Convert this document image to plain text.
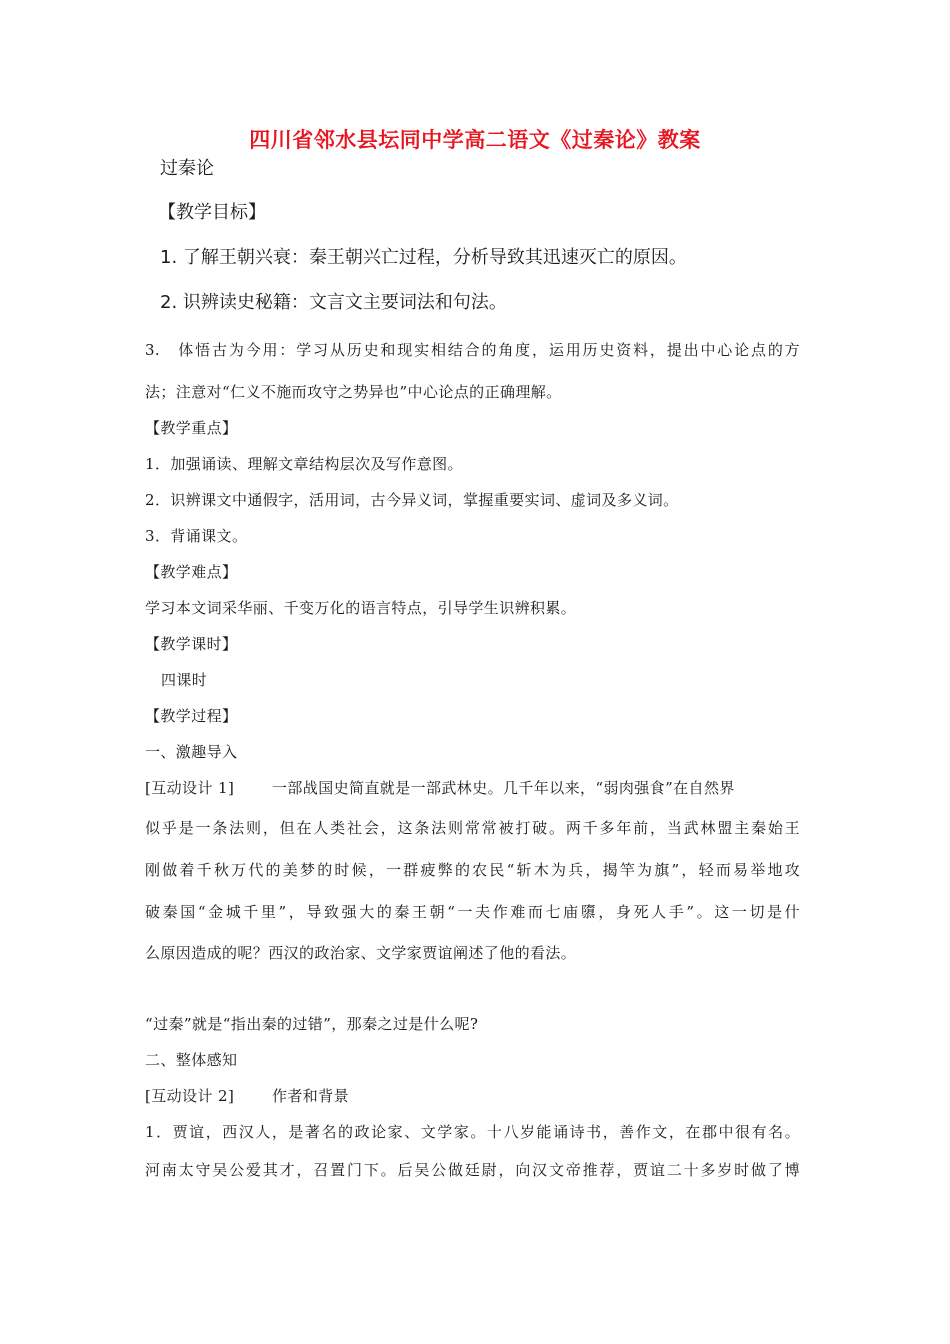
四川省邻水县坛同中学高二语文《过秦论》教案
过秦论
【教学目标】
1. 了解王朝兴衰：秦王朝兴亡过程，分析导致其迅速灭亡的原因。
2. 识辨读史秘籍：文言文主要词法和句法。
3.　体悟古为今用：学习从历史和现实相结合的角度，运用历史资料，提出中心论点的方
法；注意对“仁义不施而攻守之势异也”中心论点的正确理解。
【教学重点】
1．加强诵读、理解文章结构层次及写作意图。
2．识辨课文中通假字，活用词，古今异义词，掌握重要实词、虚词及多义词。
3．背诵课文。
【教学难点】
学习本文词采华丽、千变万化的语言特点，引导学生识辨积累。
【教学课时】
四课时
【教学过程】
一、激趣导入
[互动设计 1]	一部战国史简直就是一部武林史。几千年以来，“弱肉强食”在自然界
似乎是一条法则，但在人类社会，这条法则常常被打破。两千多年前，当武林盟主秦始王
刚做着千秋万代的美梦的时候，一群疲弊的农民“斩木为兵，揭竿为旗”，轻而易举地攻
破秦国“金城千里”，导致强大的秦王朝“一夫作难而七庙隳，身死人手”。这一切是什
么原因造成的呢？西汉的政治家、文学家贾谊阐述了他的看法。
“过秦”就是“指出秦的过错”，那秦之过是什么呢?
二、整体感知
[互动设计 2]	作者和背景
1．贾谊，西汉人，是著名的政论家、文学家。十八岁能诵诗书，善作文，在郡中很有名。
河南太守吴公爱其才，召置门下。后吴公做廷尉，向汉文帝推荐，贾谊二十多岁时做了博
